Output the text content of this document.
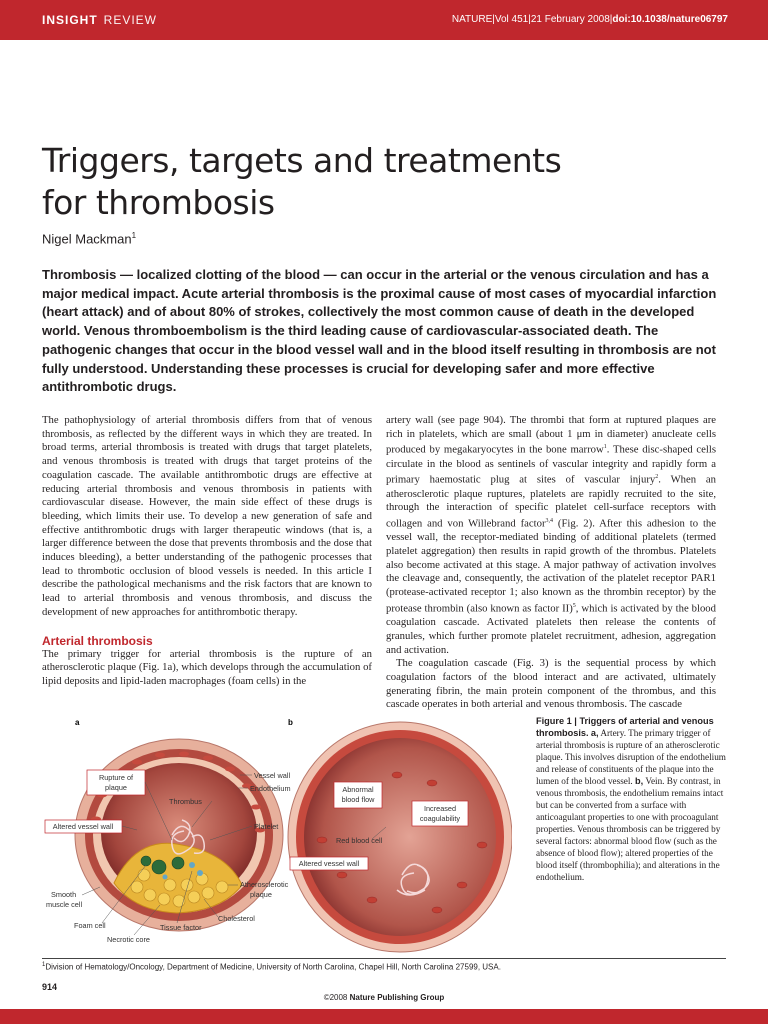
INSIGHT REVIEW	NATURE|Vol 451|21 February 2008|doi:10.1038/nature06797
Triggers, targets and treatments for thrombosis
Nigel Mackman$^1$
Thrombosis — localized clotting of the blood — can occur in the arterial or the venous circulation and has a major medical impact. Acute arterial thrombosis is the proximal cause of most cases of myocardial infarction (heart attack) and of about 80% of strokes, collectively the most common cause of death in the developed world. Venous thromboembolism is the third leading cause of cardiovascular-associated death. The pathogenic changes that occur in the blood vessel wall and in the blood itself resulting in thrombosis are not fully understood. Understanding these processes is crucial for developing safer and more effective antithrombotic drugs.

The pathophysiology of arterial thrombosis differs from that of venous thrombosis, as reflected by the different ways in which they are treated. In broad terms, arterial thrombosis is treated with drugs that target platelets, and venous thrombosis is treated with drugs that target proteins of the coagulation cascade. The available antithrombotic drugs are effective at reducing arterial thrombosis and venous thrombosis in patients with cardiovascular disease. However, the main side effect of these drugs is bleeding, which limits their use. To develop a new generation of safe and effective antithrombotic drugs with larger therapeutic windows (that is, a larger difference between the dose that prevents thrombosis and the dose that induces bleeding), a better understanding of the pathogenic processes that lead to thrombotic occlusion of blood vessels is needed. In this article I describe the pathological mechanisms and the risk factors that are known to lead to arterial thrombosis and venous thrombosis, and discuss the development of new approaches for antithrombotic therapy.

Arterial thrombosis

The primary trigger for arterial thrombosis is the rupture of an atherosclerotic plaque (Fig. 1a), which develops through the accumulation of lipid deposits and lipid-laden macrophages (foam cells) in the

artery wall (see page 904). The thrombi that form at ruptured plaques are rich in platelets, which are small (about 1 μm in diameter) anucleate cells produced by megakaryocytes in the bone marrow$^1$. These disc-shaped cells circulate in the blood as sentinels of vascular integrity and rapidly form a primary haemostatic plug at sites of vascular injury$^2$. When an atherosclerotic plaque ruptures, platelets are rapidly recruited to the site, through the interaction of specific platelet cell-surface receptors with collagen and von Willebrand factor$^{3,4}$ (Fig. 2). After this adhesion to the vessel wall, the receptor-mediated binding of additional platelets (termed platelet aggregation) then results in rapid growth of the thrombus. Platelets also become activated at this stage. A major pathway of activation involves the cleavage and, consequently, the activation of the platelet receptor PAR1 (protease-activated receptor 1; also known as the thrombin receptor) by the protease thrombin (also known as factor II)$^5$, which is activated by the blood coagulation cascade. Activated platelets then release the contents of granules, which further promote platelet recruitment, adhesion, aggregation and activation.

The coagulation cascade (Fig. 3) is the sequential process by which coagulation factors of the blood interact and are activated, ultimately generating fibrin, the main protein component of the thrombus, and this cascade operates in both arterial and venous thrombosis. The cascade

a	b
Rupture of
plaque
Thrombus
Vessel wall
Endothelium
Altered vessel wall	Platelet
Atherosclerotic
plaque
Smooth
muscle cell
Foam cell	Tissue factor
Cholesterol
Necrotic core
Abnormal
blood flow
Increased
coagulability
Red blood cell
Altered vessel wall
Figure 1 | Triggers of arterial and venous thrombosis. a, Artery. The primary trigger of arterial thrombosis is rupture of an atherosclerotic plaque. This involves disruption of the endothelium and release of constituents of the plaque into the lumen of the blood vessel. b, Vein. By contrast, in venous thrombosis, the endothelium remains intact but can be converted from a surface with anticoagulant properties to one with procoagulant properties. Venous thrombosis can be triggered by several factors: abnormal blood flow (such as the absence of blood flow); altered properties of the blood itself (thrombophilia); and alterations in the endothelium.
$^1$Division of Hematology/Oncology, Department of Medicine, University of North Carolina, Chapel Hill, North Carolina 27599, USA.
914
©2008 Nature Publishing Group
